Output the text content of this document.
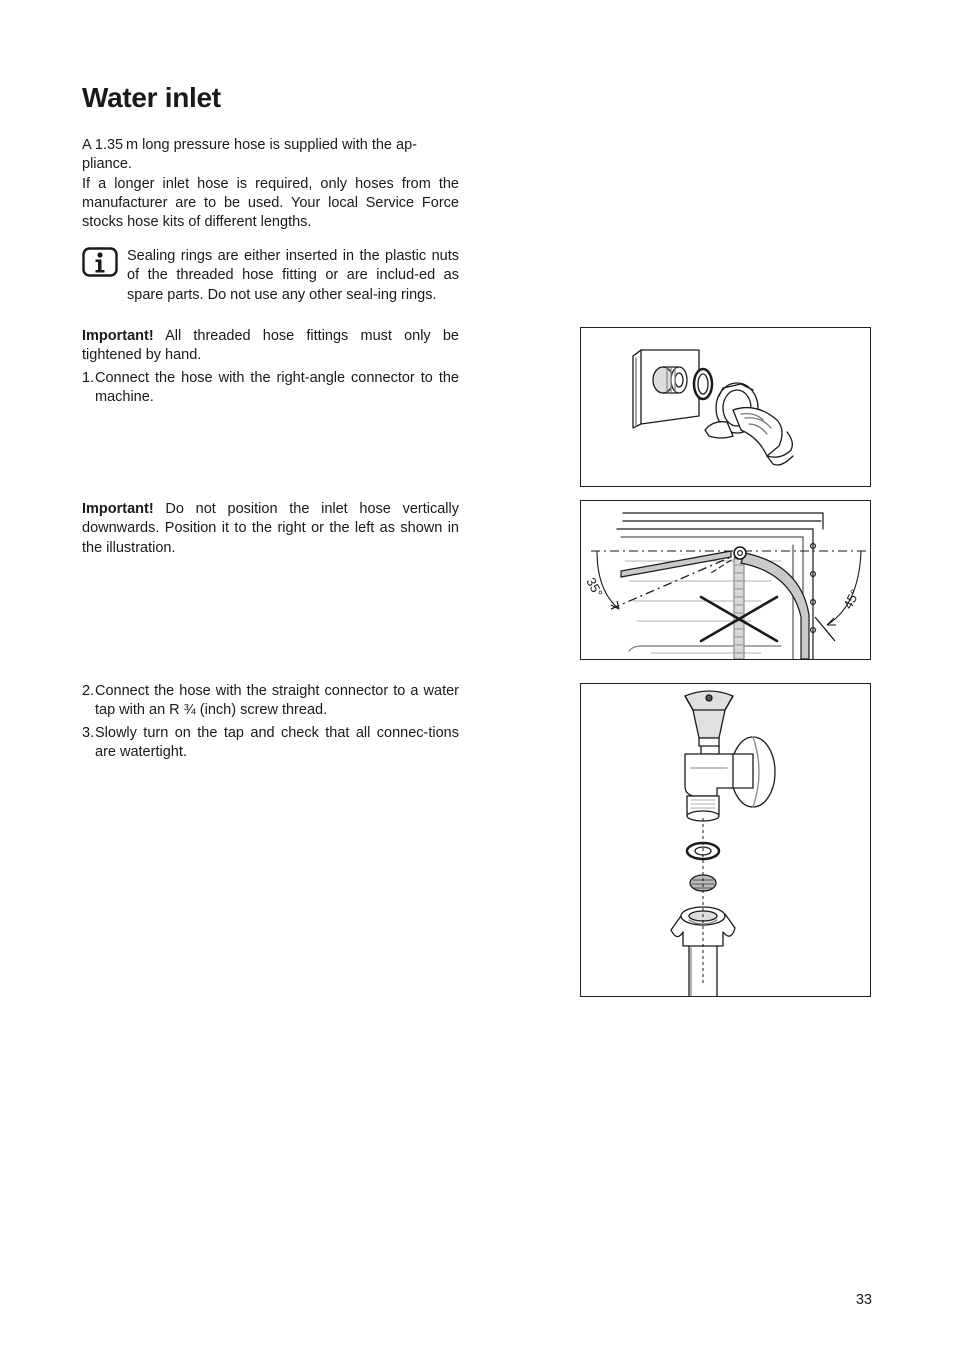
Water inlet

A 1.35 m long pressure hose is supplied with the ap-pliance.

If a longer inlet hose is required, only hoses from the manufacturer are to be used. Your local Service Force stocks hose kits of different lengths.

Sealing rings are either inserted in the plastic nuts of the threaded hose fitting or are includ-ed as spare parts. Do not use any other seal-ing rings.
Important! All threaded hose fittings must only be tightened by hand.
1. Connect the hose with the right-angle connector to the machine.
Important! Do not position the inlet hose vertically downwards. Position it to the right or the left as shown in the illustration.
2. Connect the hose with the straight connector to a water tap with an R ¾ (inch) screw thread.
3. Slowly turn on the tap and check that all connec-tions are watertight.
35°	45°
33
